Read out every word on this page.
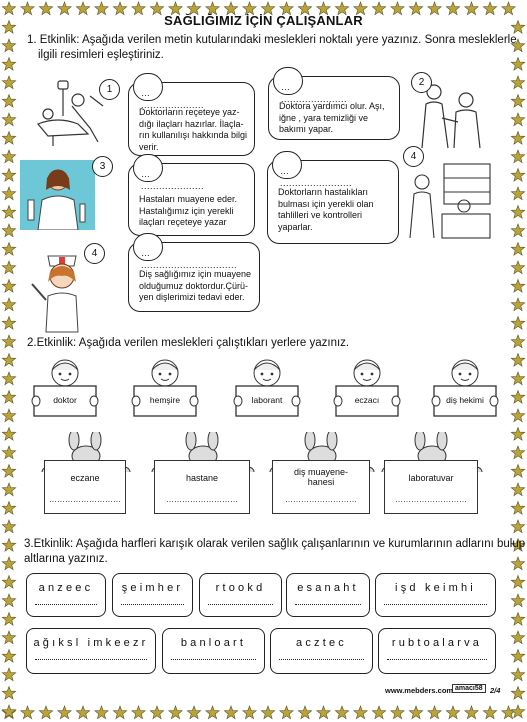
SAĞLIĞIMIZ İÇİN ÇALIŞANLAR
1. Etkinlik: Aşağıda verilen metin kutularındaki meslekleri noktalı yere yazınız. Sonra mesleklerle
ilgili resimleri eşleştiriniz.
1
3
4
2
4
…
.....................
Doktorların reçeteye yaz-
dığı ilaçları hazırlar. İlaçla-
rın kullanılışı hakkında bilgi
verir.
…
......................
Doktora yardımcı olur. Aşı,
iğne , yara temizliği ve
bakımı yapar.
…
.....................
Hastaları muayene eder.
Hastalığımız için yerekli
ilaçları reçeteye yazar
…
........................
Doktorların hastalıkları
bulması için yerekli olan
tahlilleri ve kontrolleri
yaparlar.
…
................................
Diş sağlığımız için muayene
olduğumuz doktordur.Çürü-
yen dişlerimizi tedavi eder.
2.Etkinlik: Aşağıda verilen meslekleri çalıştıkları yerlere yazınız.
doktor	hemşire	laborant	eczacı	diş hekimi
eczane
………………………
hastane
………………………
diş muayene-
hanesi
………………………
laboratuvar
………………………
3.Etkinlik: Aşağıda harfleri karışık olarak verilen sağlık çalışanlarının ve kurumlarının adlarını bulup
altlarına yazınız.
anzeec	şeimher	rtookd	esanaht	işd keimhi
ağıksl imkeezr	banloart	acztec	rubtoalarva
www.mebders.com amacı58 2/4
